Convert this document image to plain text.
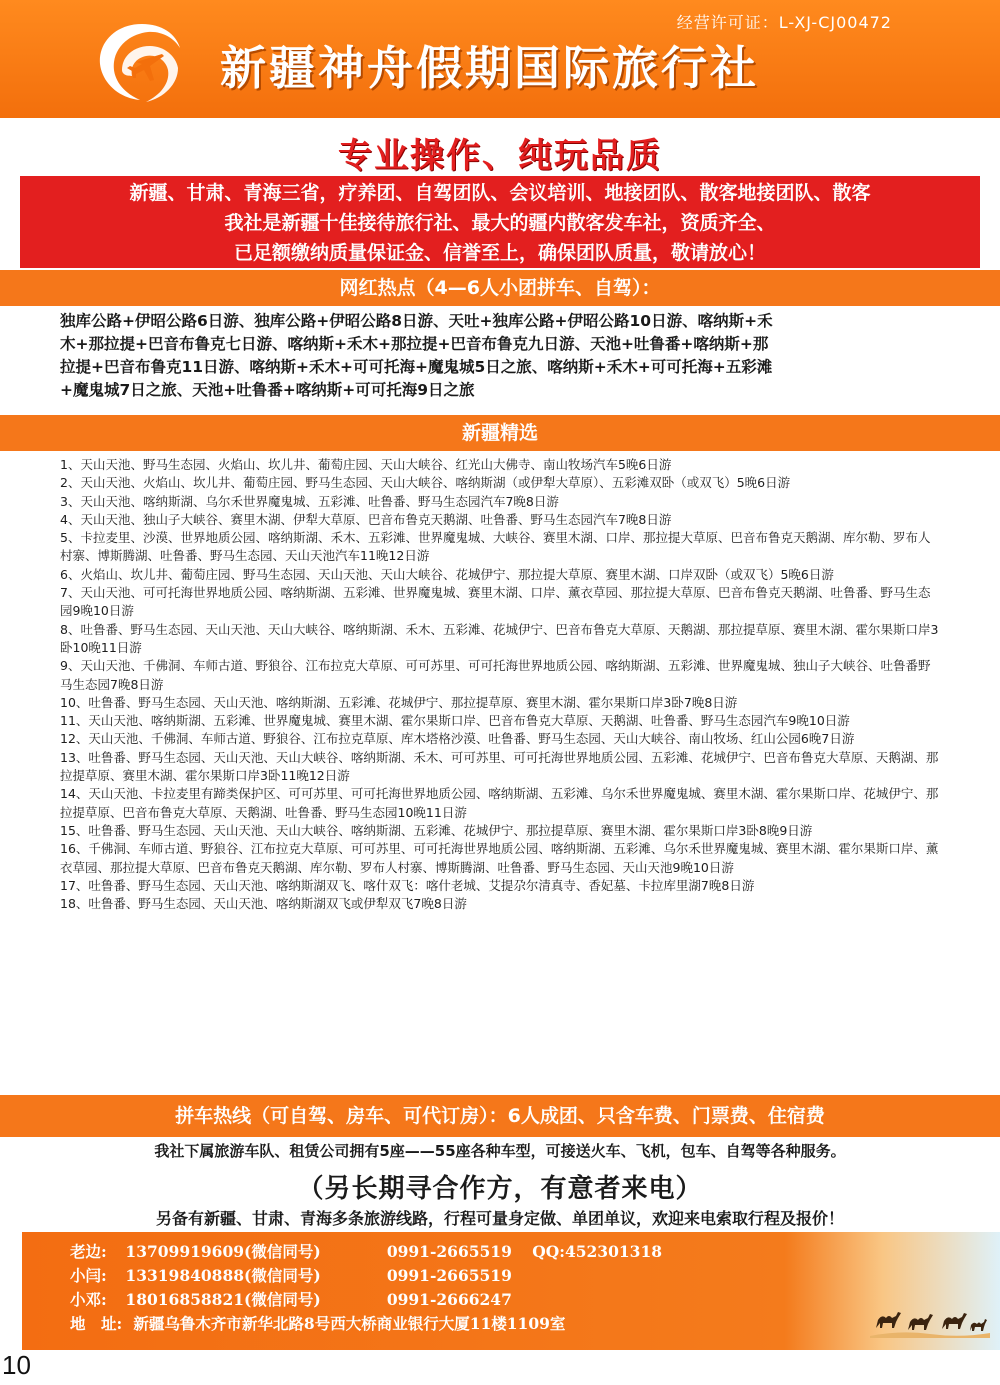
经营许可证：L-XJ-CJ00472
新疆神舟假期国际旅行社
专业操作、纯玩品质
新疆、甘肃、青海三省，疗养团、自驾团队、会议培训、地接团队、散客地接团队、散客
我社是新疆十佳接待旅行社、最大的疆内散客发车社，资质齐全、
已足额缴纳质量保证金、信誉至上，确保团队质量，敬请放心！
网红热点（4—6人小团拼车、自驾）：
独库公路+伊昭公路6日游、独库公路+伊昭公路8日游、天吐+独库公路+伊昭公路10日游、喀纳斯+禾
木+那拉提+巴音布鲁克七日游、喀纳斯+禾木+那拉提+巴音布鲁克九日游、天池+吐鲁番+喀纳斯+那
拉提+巴音布鲁克11日游、喀纳斯+禾木+可可托海+魔鬼城5日之旅、喀纳斯+禾木+可可托海+五彩滩
+魔鬼城7日之旅、天池+吐鲁番+喀纳斯+可可托海9日之旅
新疆精选

1、天山天池、野马生态园、火焰山、坎儿井、葡萄庄园、天山大峡谷、红光山大佛寺、南山牧场汽车5晚6日游

2、天山天池、火焰山、坎儿井、葡萄庄园、野马生态园、天山大峡谷、喀纳斯湖（或伊犁大草原）、五彩滩双卧（或双飞）5晚6日游

3、天山天池、喀纳斯湖、乌尔禾世界魔鬼城、五彩滩、吐鲁番、野马生态园汽车7晚8日游

4、天山天池、独山子大峡谷、赛里木湖、伊犁大草原、巴音布鲁克天鹅湖、吐鲁番、野马生态园汽车7晚8日游

5、卡拉麦里、沙漠、世界地质公园、喀纳斯湖、禾木、五彩滩、世界魔鬼城、大峡谷、赛里木湖、口岸、那拉提大草原、巴音布鲁克天鹅湖、库尔勒、罗布人村寨、博斯腾湖、吐鲁番、野马生态园、天山天池汽车11晚12日游

6、火焰山、坎儿井、葡萄庄园、野马生态园、天山天池、天山大峡谷、花城伊宁、那拉提大草原、赛里木湖、口岸双卧（或双飞）5晚6日游

7、天山天池、可可托海世界地质公园、喀纳斯湖、五彩滩、世界魔鬼城、赛里木湖、口岸、薰衣草园、那拉提大草原、巴音布鲁克天鹅湖、吐鲁番、野马生态园9晚10日游

8、吐鲁番、野马生态园、天山天池、天山大峡谷、喀纳斯湖、禾木、五彩滩、花城伊宁、巴音布鲁克大草原、天鹅湖、那拉提草原、赛里木湖、霍尔果斯口岸3卧10晚11日游

9、天山天池、千佛洞、车师古道、野狼谷、江布拉克大草原、可可苏里、可可托海世界地质公园、喀纳斯湖、五彩滩、世界魔鬼城、独山子大峡谷、吐鲁番野马生态园7晚8日游

10、吐鲁番、野马生态园、天山天池、喀纳斯湖、五彩滩、花城伊宁、那拉提草原、赛里木湖、霍尔果斯口岸3卧7晚8日游

11、天山天池、喀纳斯湖、五彩滩、世界魔鬼城、赛里木湖、霍尔果斯口岸、巴音布鲁克大草原、天鹅湖、吐鲁番、野马生态园汽车9晚10日游

12、天山天池、千佛洞、车师古道、野狼谷、江布拉克草原、库木塔格沙漠、吐鲁番、野马生态园、天山大峡谷、南山牧场、红山公园6晚7日游

13、吐鲁番、野马生态园、天山天池、天山大峡谷、喀纳斯湖、禾木、可可苏里、可可托海世界地质公园、五彩滩、花城伊宁、巴音布鲁克大草原、天鹅湖、那拉提草原、赛里木湖、霍尔果斯口岸3卧11晚12日游

14、天山天池、卡拉麦里有蹄类保护区、可可苏里、可可托海世界地质公园、喀纳斯湖、五彩滩、乌尔禾世界魔鬼城、赛里木湖、霍尔果斯口岸、花城伊宁、那拉提草原、巴音布鲁克大草原、天鹅湖、吐鲁番、野马生态园10晚11日游

15、吐鲁番、野马生态园、天山天池、天山大峡谷、喀纳斯湖、五彩滩、花城伊宁、那拉提草原、赛里木湖、霍尔果斯口岸3卧8晚9日游

16、千佛洞、车师古道、野狼谷、江布拉克大草原、可可苏里、可可托海世界地质公园、喀纳斯湖、五彩滩、乌尔禾世界魔鬼城、赛里木湖、霍尔果斯口岸、薰衣草园、那拉提大草原、巴音布鲁克天鹅湖、库尔勒、罗布人村寨、博斯腾湖、吐鲁番、野马生态园、天山天池9晚10日游

17、吐鲁番、野马生态园、天山天池、喀纳斯湖双飞、喀什双飞：喀什老城、艾提尕尔清真寺、香妃墓、卡拉库里湖7晚8日游

18、吐鲁番、野马生态园、天山天池、喀纳斯湖双飞或伊犁双飞7晚8日游

拼车热线（可自驾、房车、可代订房）：6人成团、只含车费、门票费、住宿费
我社下属旅游车队、租赁公司拥有5座——55座各种车型，可接送火车、飞机，包车、自驾等各种服务。
（另长期寻合作方，有意者来电）
另备有新疆、甘肃、青海多条旅游线路，行程可量身定做、单团单议，欢迎来电索取行程及报价！
老边: 13709919609(微信同号)	0991-2665519 QQ:452301318
小闫: 13319840888(微信同号)	0991-2665519
小邓: 18016858821(微信同号)	0991-2666247
地　址: 新疆乌鲁木齐市新华北路8号西大桥商业银行大厦11楼1109室
10
